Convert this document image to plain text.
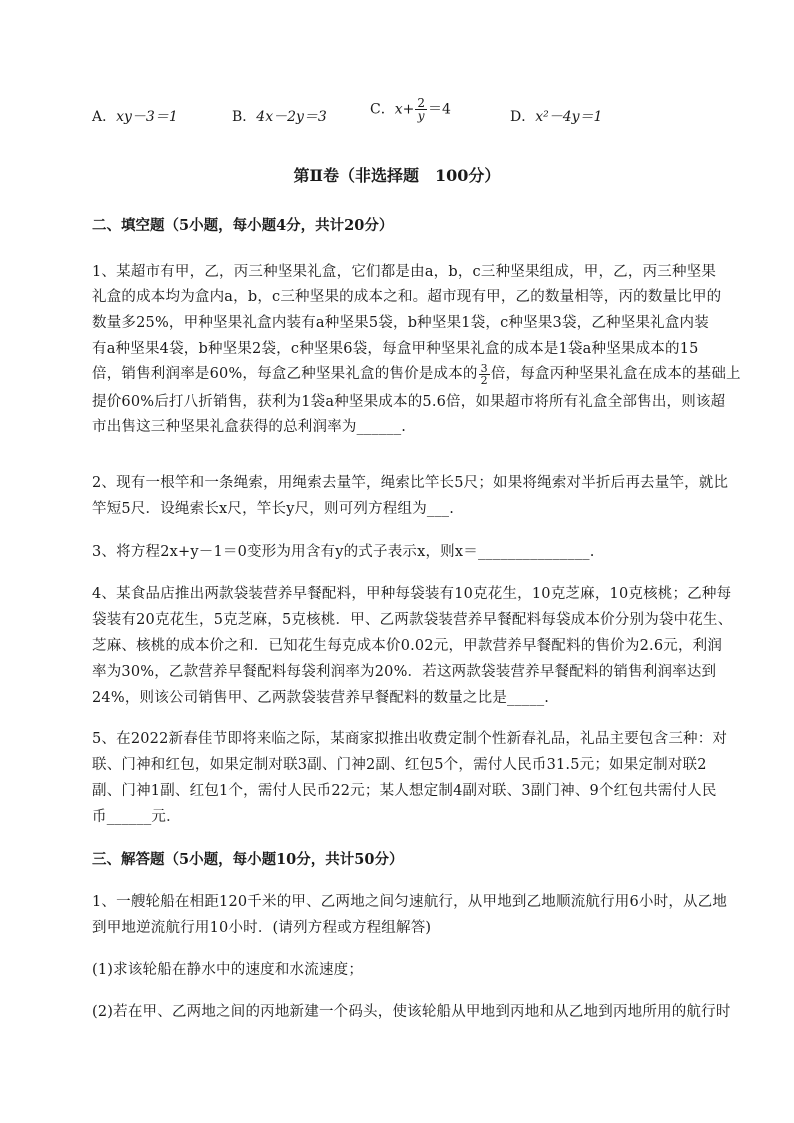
A．xy－3＝1	B．4x－2y＝3	C．$x+ \frac{2}{y} =4$	D．x²－4y＝1
第Ⅱ卷（非选择题　100分）
二、填空题（5小题，每小题4分，共计20分）
1、某超市有甲，乙，丙三种坚果礼盒，它们都是由a，b，c三种坚果组成，甲，乙，丙三种坚果
礼盒的成本均为盒内a，b，c三种坚果的成本之和。超市现有甲，乙的数量相等，丙的数量比甲的
数量多25%，甲种坚果礼盒内装有a种坚果5袋，b种坚果1袋，c种坚果3袋，乙种坚果礼盒内装
有a种坚果4袋，b种坚果2袋，c种坚果6袋，每盒甲种坚果礼盒的成本是1袋a种坚果成本的15
倍，销售利润率是60%，每盒乙种坚果礼盒的售价是成本的 $\frac{3}{2}$ 倍，每盒丙种坚果礼盒在成本的基础上
提价60%后打八折销售，获利为1袋a种坚果成本的5.6倍，如果超市将所有礼盒全部售出，则该超
市出售这三种坚果礼盒获得的总利润率为______.
2、现有一根竿和一条绳索，用绳索去量竿，绳索比竿长5尺；如果将绳索对半折后再去量竿，就比
竿短5尺．设绳索长x尺，竿长y尺，则可列方程组为___.
3、将方程2x+y－1＝0变形为用含有y的式子表示x，则x＝_______________.
4、某食品店推出两款袋装营养早餐配料，甲种每袋装有10克花生，10克芝麻，10克核桃；乙种每
袋装有20克花生，5克芝麻，5克核桃．甲、乙两款袋装营养早餐配料每袋成本价分别为袋中花生、
芝麻、核桃的成本价之和．已知花生每克成本价0.02元，甲款营养早餐配料的售价为2.6元，利润
率为30%，乙款营养早餐配料每袋利润率为20%．若这两款袋装营养早餐配料的销售利润率达到
24%，则该公司销售甲、乙两款袋装营养早餐配料的数量之比是_____.
5、在2022新春佳节即将来临之际，某商家拟推出收费定制个性新春礼品，礼品主要包含三种：对
联、门神和红包，如果定制对联3副、门神2副、红包5个，需付人民币31.5元；如果定制对联2
副、门神1副、红包1个，需付人民币22元；某人想定制4副对联、3副门神、9个红包共需付人民
币______元．
三、解答题（5小题，每小题10分，共计50分）
1、一艘轮船在相距120千米的甲、乙两地之间匀速航行，从甲地到乙地顺流航行用6小时，从乙地
到甲地逆流航行用10小时．(请列方程或方程组解答)
(1)求该轮船在静水中的速度和水流速度；
(2)若在甲、乙两地之间的丙地新建一个码头，使该轮船从甲地到丙地和从乙地到丙地所用的航行时
